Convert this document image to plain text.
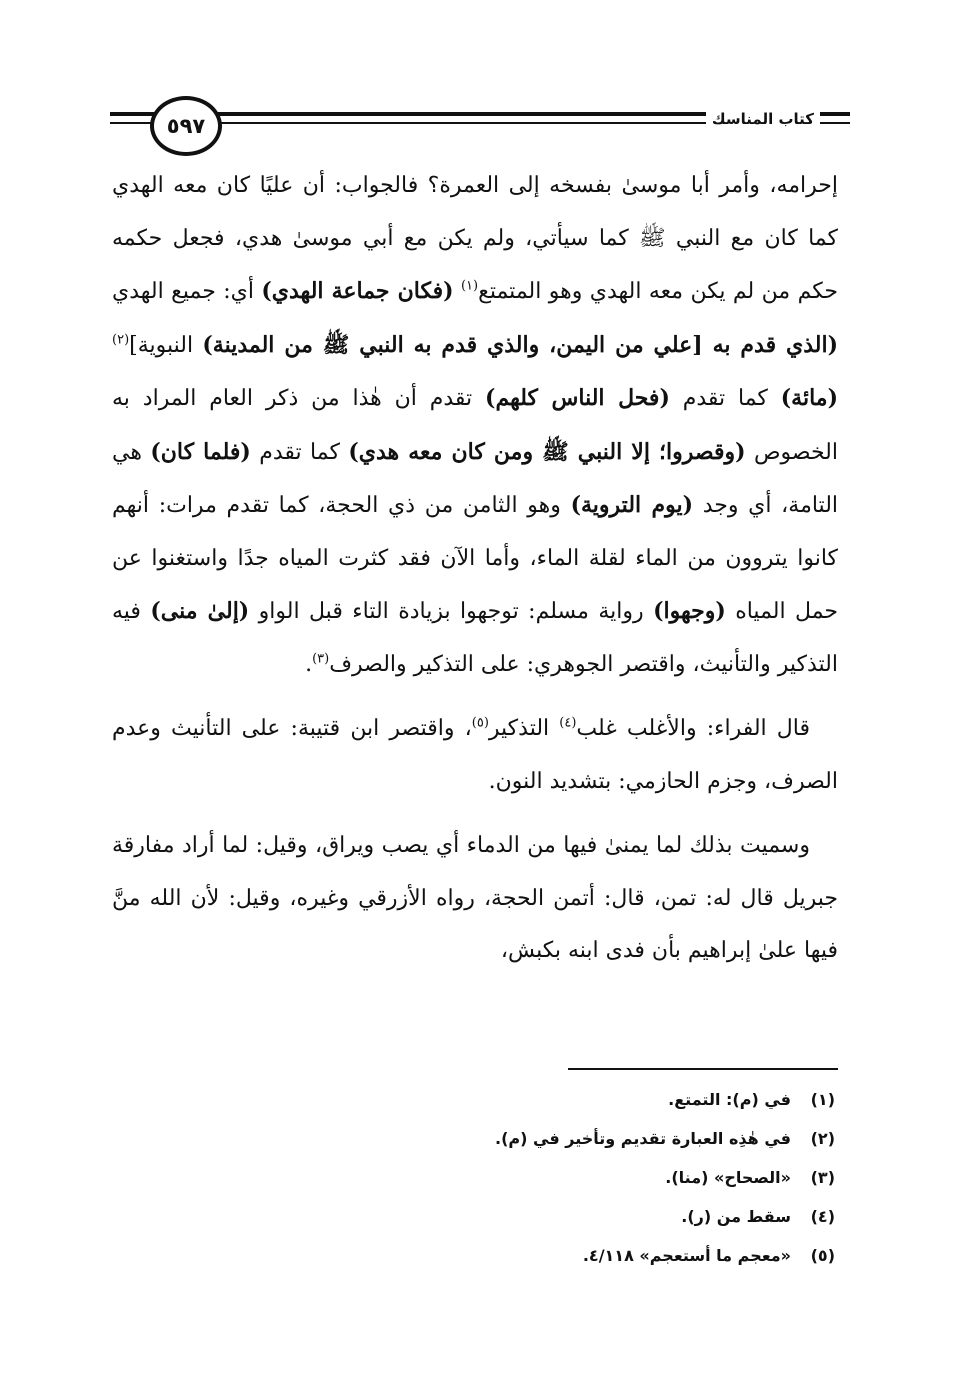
٥٩٧	كتاب المناسك

إحرامه، وأمر أبا موسىٰ بفسخه إلى العمرة؟ فالجواب: أن عليًا كان معه الهدي كما كان مع النبي ﷺ كما سيأتي، ولم يكن مع أبي موسىٰ هدي، فجعل حكمه حكم من لم يكن معه الهدي وهو المتمتع$^{(١)}$ (فكان جماعة الهدي) أي: جميع الهدي (الذي قدم به [علي من اليمن، والذي قدم به النبي ﷺ من المدينة) النبوية]$^{(٢)}$ (مائة) كما تقدم (فحل الناس كلهم) تقدم أن هٰذا من ذكر العام المراد به الخصوص (وقصروا؛ إلا النبي ﷺ ومن كان معه هدي) كما تقدم (فلما كان) هي التامة، أي وجد (يوم التروية) وهو الثامن من ذي الحجة، كما تقدم مرات: أنهم كانوا يتروون من الماء لقلة الماء، وأما الآن فقد كثرت المياه جدًا واستغنوا عن حمل المياه (وجهوا) رواية مسلم: توجهوا بزيادة التاء قبل الواو (إلىٰ منى) فيه التذكير والتأنيث، واقتصر الجوهري: على التذكير والصرف$^{(٣)}$.

قال الفراء: والأغلب غلب$^{(٤)}$ التذكير$^{(٥)}$، واقتصر ابن قتيبة: على التأنيث وعدم الصرف، وجزم الحازمي: بتشديد النون.

وسميت بذلك لما يمنىٰ فيها من الدماء أي يصب ويراق، وقيل: لما أراد مفارقة جبريل قال له: تمن، قال: أتمن الحجة، رواه الأزرقي وغيره، وقيل: لأن الله منَّ فيها علىٰ إبراهيم بأن فدى ابنه بكبش،

(١)
في (م): التمتع.
(٢)
في هٰذِه العبارة تقديم وتأخير في (م).
(٣)
«الصحاح» (منا).
(٤)
سقط من (ر).
(٥)
«معجم ما أستعجم» ٤/١١٨.
